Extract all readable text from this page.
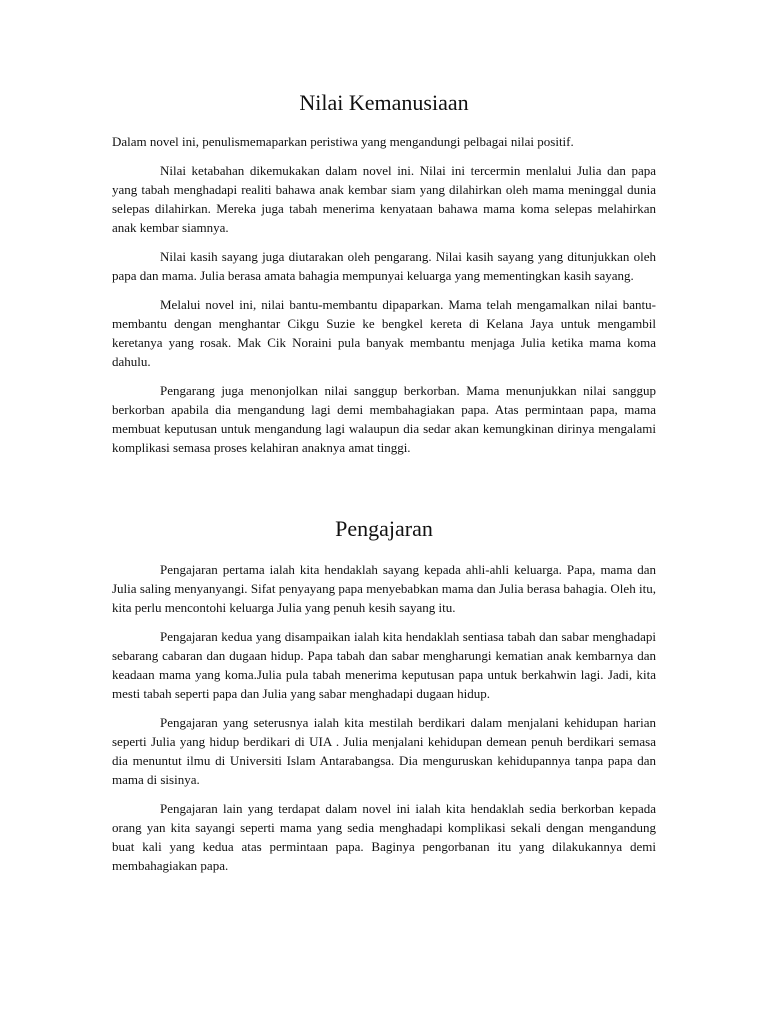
Nilai Kemanusiaan

Dalam novel ini, penulismemaparkan peristiwa yang mengandungi pelbagai nilai positif.

Nilai ketabahan dikemukakan dalam novel ini. Nilai ini tercermin menlalui Julia dan papa yang tabah menghadapi realiti bahawa anak kembar siam yang dilahirkan oleh mama meninggal dunia selepas dilahirkan. Mereka juga tabah menerima kenyataan bahawa mama koma selepas melahirkan anak kembar siamnya.

Nilai kasih sayang juga diutarakan oleh pengarang. Nilai kasih sayang yang ditunjukkan oleh papa dan mama. Julia berasa amata bahagia mempunyai keluarga yang mementingkan kasih sayang.

Melalui novel ini, nilai bantu-membantu dipaparkan. Mama telah mengamalkan nilai bantu-membantu dengan menghantar Cikgu Suzie ke bengkel kereta di Kelana Jaya untuk mengambil keretanya yang rosak. Mak Cik Noraini pula banyak membantu menjaga Julia ketika mama koma dahulu.

Pengarang juga menonjolkan nilai sanggup berkorban. Mama menunjukkan nilai sanggup berkorban apabila dia mengandung lagi demi membahagiakan papa. Atas permintaan papa, mama membuat keputusan untuk mengandung lagi walaupun dia sedar akan kemungkinan dirinya mengalami komplikasi semasa proses kelahiran anaknya amat tinggi.

Pengajaran

Pengajaran pertama ialah kita hendaklah sayang kepada ahli-ahli keluarga. Papa, mama dan Julia saling menyanyangi. Sifat penyayang papa menyebabkan mama dan Julia berasa bahagia. Oleh itu, kita perlu mencontohi keluarga Julia yang penuh kesih sayang itu.

Pengajaran kedua yang disampaikan ialah kita hendaklah sentiasa tabah dan sabar menghadapi sebarang cabaran dan dugaan hidup. Papa tabah dan sabar mengharungi kematian anak kembarnya dan keadaan mama yang koma.Julia pula tabah menerima keputusan papa untuk berkahwin lagi. Jadi, kita mesti tabah seperti papa dan Julia yang sabar menghadapi dugaan hidup.

Pengajaran yang seterusnya ialah kita mestilah berdikari dalam menjalani kehidupan harian seperti Julia yang hidup berdikari di UIA . Julia menjalani kehidupan demean penuh berdikari semasa dia menuntut ilmu di Universiti Islam Antarabangsa. Dia menguruskan kehidupannya tanpa papa dan mama di sisinya.

Pengajaran lain yang terdapat dalam novel ini ialah kita hendaklah sedia berkorban kepada orang yan kita sayangi seperti mama yang sedia menghadapi komplikasi sekali dengan mengandung buat kali yang kedua atas permintaan papa. Baginya pengorbanan itu yang dilakukannya demi membahagiakan papa.
